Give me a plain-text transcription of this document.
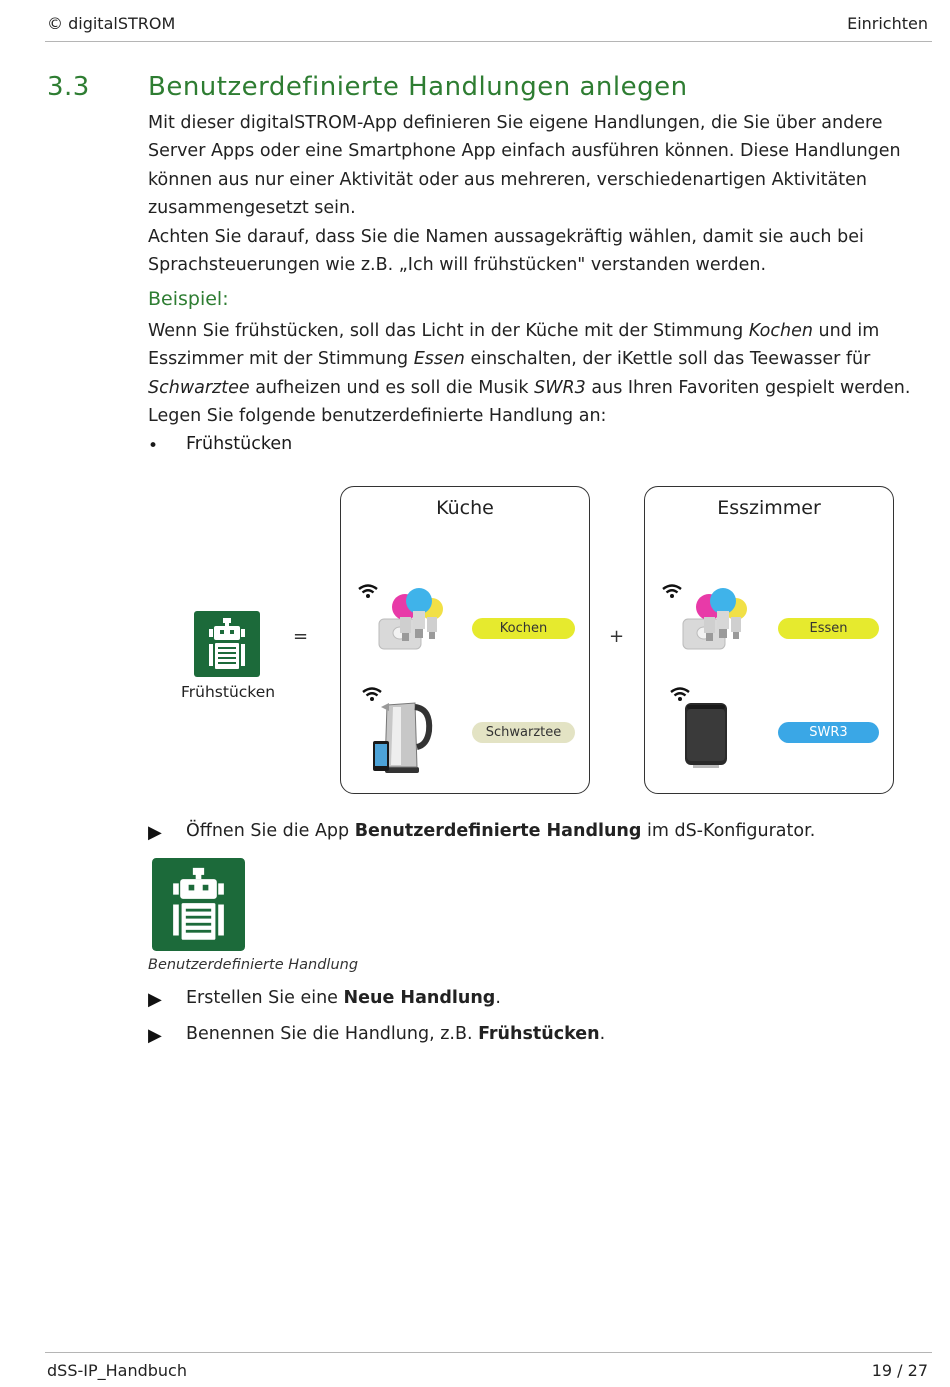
© digitalSTROM	Einrichten
3.3 Benutzerdefinierte Handlungen anlegen

Mit dieser digitalSTROM-App definieren Sie eigene Handlungen, die Sie über andere

Server Apps oder eine Smartphone App einfach ausführen können. Diese Handlungen

können aus nur einer Aktivität oder aus mehreren, verschiedenartigen Aktivitäten

zusammengesetzt sein.

Achten Sie darauf, dass Sie die Namen aussagekräftig wählen, damit sie auch bei

Sprachsteuerungen wie z.B. „Ich will frühstücken" verstanden werden.

Beispiel:

Wenn Sie frühstücken, soll das Licht in der Küche mit der Stimmung Kochen und im

Esszimmer mit der Stimmung Essen einschalten, der iKettle soll das Teewasser für

Schwarztee aufheizen und es soll die Musik SWR3 aus Ihren Favoriten gespielt werden.

Legen Sie folgende benutzerdefinierte Handlung an:

• Frühstücken
Frühstücken
=	+
Küche
Kochen
Schwarztee
Esszimmer
Essen
SWR3
▶ Öffnen Sie die App Benutzerdefinierte Handlung im dS-Konfigurator.
Benutzerdefinierte Handlung
▶ Erstellen Sie eine Neue Handlung.
▶ Benennen Sie die Handlung, z.B. Frühstücken.
dSS-IP_Handbuch	19 / 27
